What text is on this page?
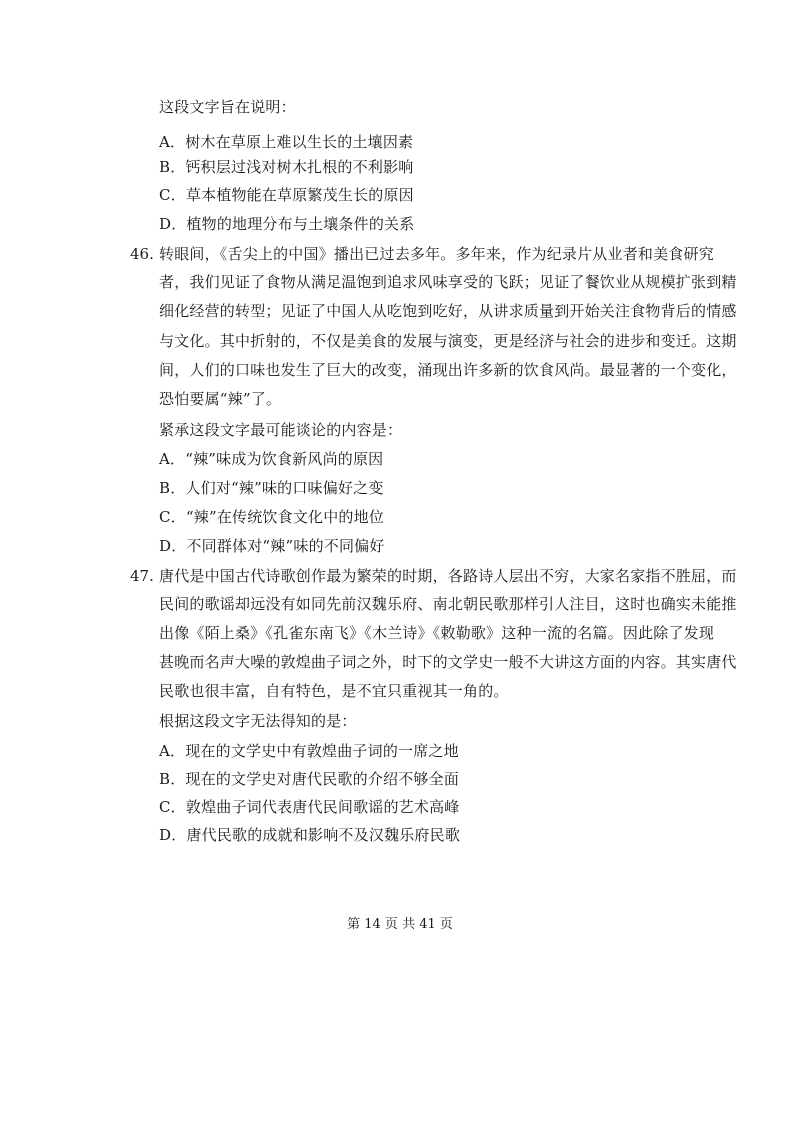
这段文字旨在说明：
A．树木在草原上难以生长的土壤因素
B．钙积层过浅对树木扎根的不利影响
C．草本植物能在草原繁茂生长的原因
D．植物的地理分布与土壤条件的关系
46. 转眼间，《舌尖上的中国》播出已过去多年。多年来，作为纪录片从业者和美食研究
者，我们见证了食物从满足温饱到追求风味享受的飞跃；见证了餐饮业从规模扩张到精
细化经营的转型；见证了中国人从吃饱到吃好，从讲求质量到开始关注食物背后的情感
与文化。其中折射的，不仅是美食的发展与演变，更是经济与社会的进步和变迁。这期
间，人们的口味也发生了巨大的改变，涌现出许多新的饮食风尚。最显著的一个变化，
恐怕要属“辣”了。
紧承这段文字最可能谈论的内容是：
A．“辣”味成为饮食新风尚的原因
B．人们对“辣”味的口味偏好之变
C．“辣”在传统饮食文化中的地位
D．不同群体对“辣”味的不同偏好
47. 唐代是中国古代诗歌创作最为繁荣的时期，各路诗人层出不穷，大家名家指不胜屈，而
民间的歌谣却远没有如同先前汉魏乐府、南北朝民歌那样引人注目，这时也确实未能推
出像《陌上桑》《孔雀东南飞》《木兰诗》《敕勒歌》这种一流的名篇。因此除了发现
甚晚而名声大噪的敦煌曲子词之外，时下的文学史一般不大讲这方面的内容。其实唐代
民歌也很丰富，自有特色，是不宜只重视其一角的。
根据这段文字无法得知的是：
A．现在的文学史中有敦煌曲子词的一席之地
B．现在的文学史对唐代民歌的介绍不够全面
C．敦煌曲子词代表唐代民间歌谣的艺术高峰
D．唐代民歌的成就和影响不及汉魏乐府民歌
第 14 页 共 41 页
